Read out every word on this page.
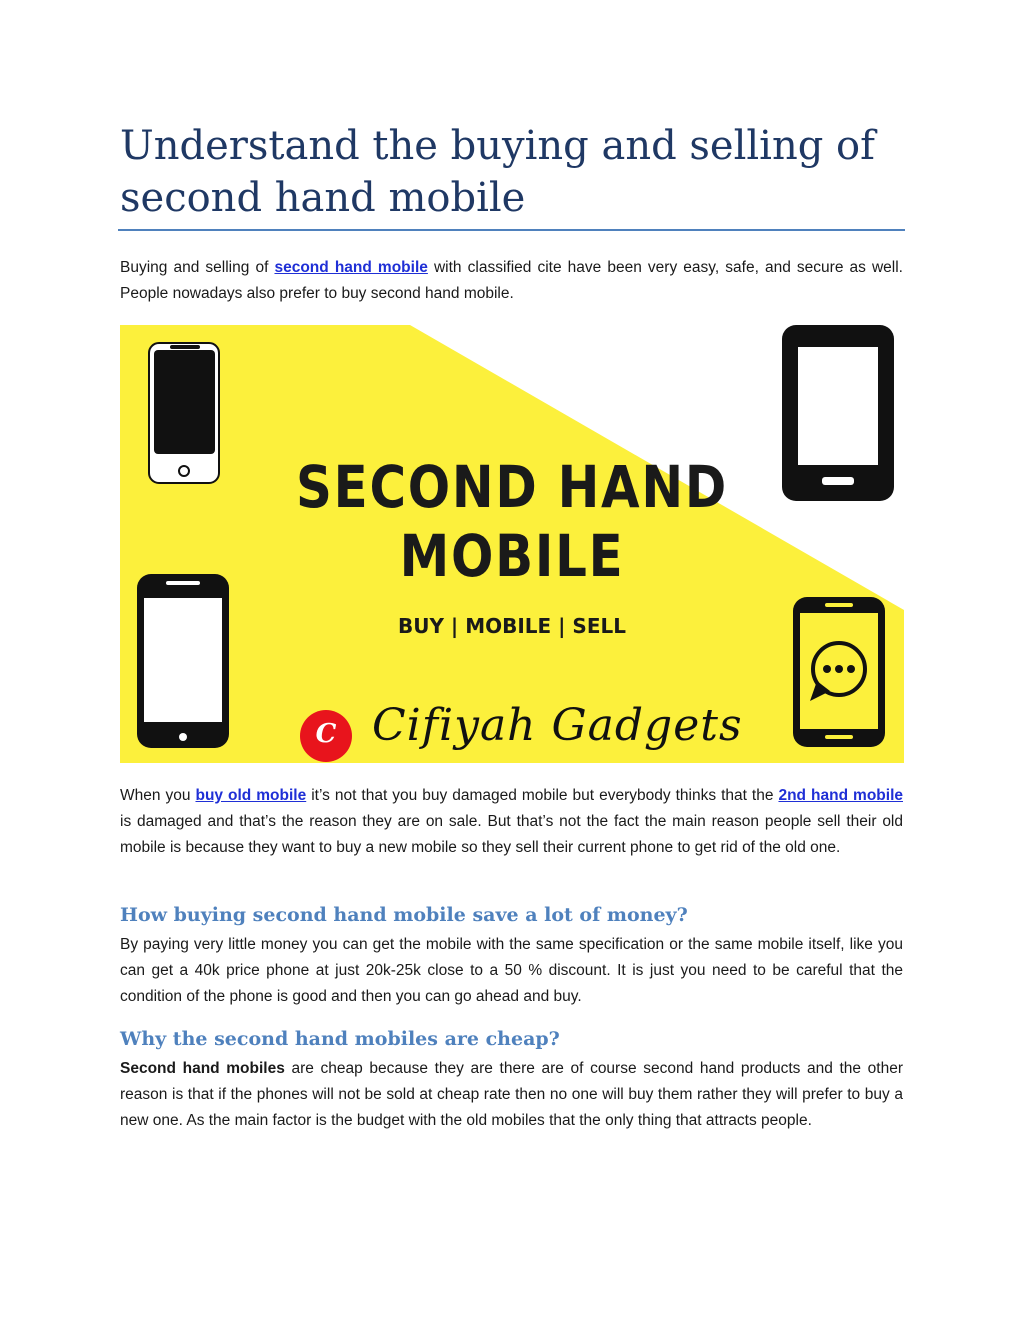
Understand the buying and selling of
second hand mobile

Buying and selling of second hand mobile with classified cite have been very easy, safe, and secure as well. People nowadays also prefer to buy second hand mobile.

SECOND HAND
MOBILE
BUY | MOBILE | SELL
C Cifiyah Gadgets

When you buy old mobile it’s not that you buy damaged mobile but everybody thinks that the 2nd hand mobile is damaged and that’s the reason they are on sale. But that’s not the fact the main reason people sell their old mobile is because they want to buy a new mobile so they sell their current phone to get rid of the old one.

How buying second hand mobile save a lot of money?

By paying very little money you can get the mobile with the same specification or the same mobile itself, like you can get a 40k price phone at just 20k-25k close to a 50 % discount. It is just you need to be careful that the condition of the phone is good and then you can go ahead and buy.

Why the second hand mobiles are cheap?

Second hand mobiles are cheap because they are there are of course second hand products and the other reason is that if the phones will not be sold at cheap rate then no one will buy them rather they will prefer to buy a new one. As the main factor is the budget with the old mobiles that the only thing that attracts people.
